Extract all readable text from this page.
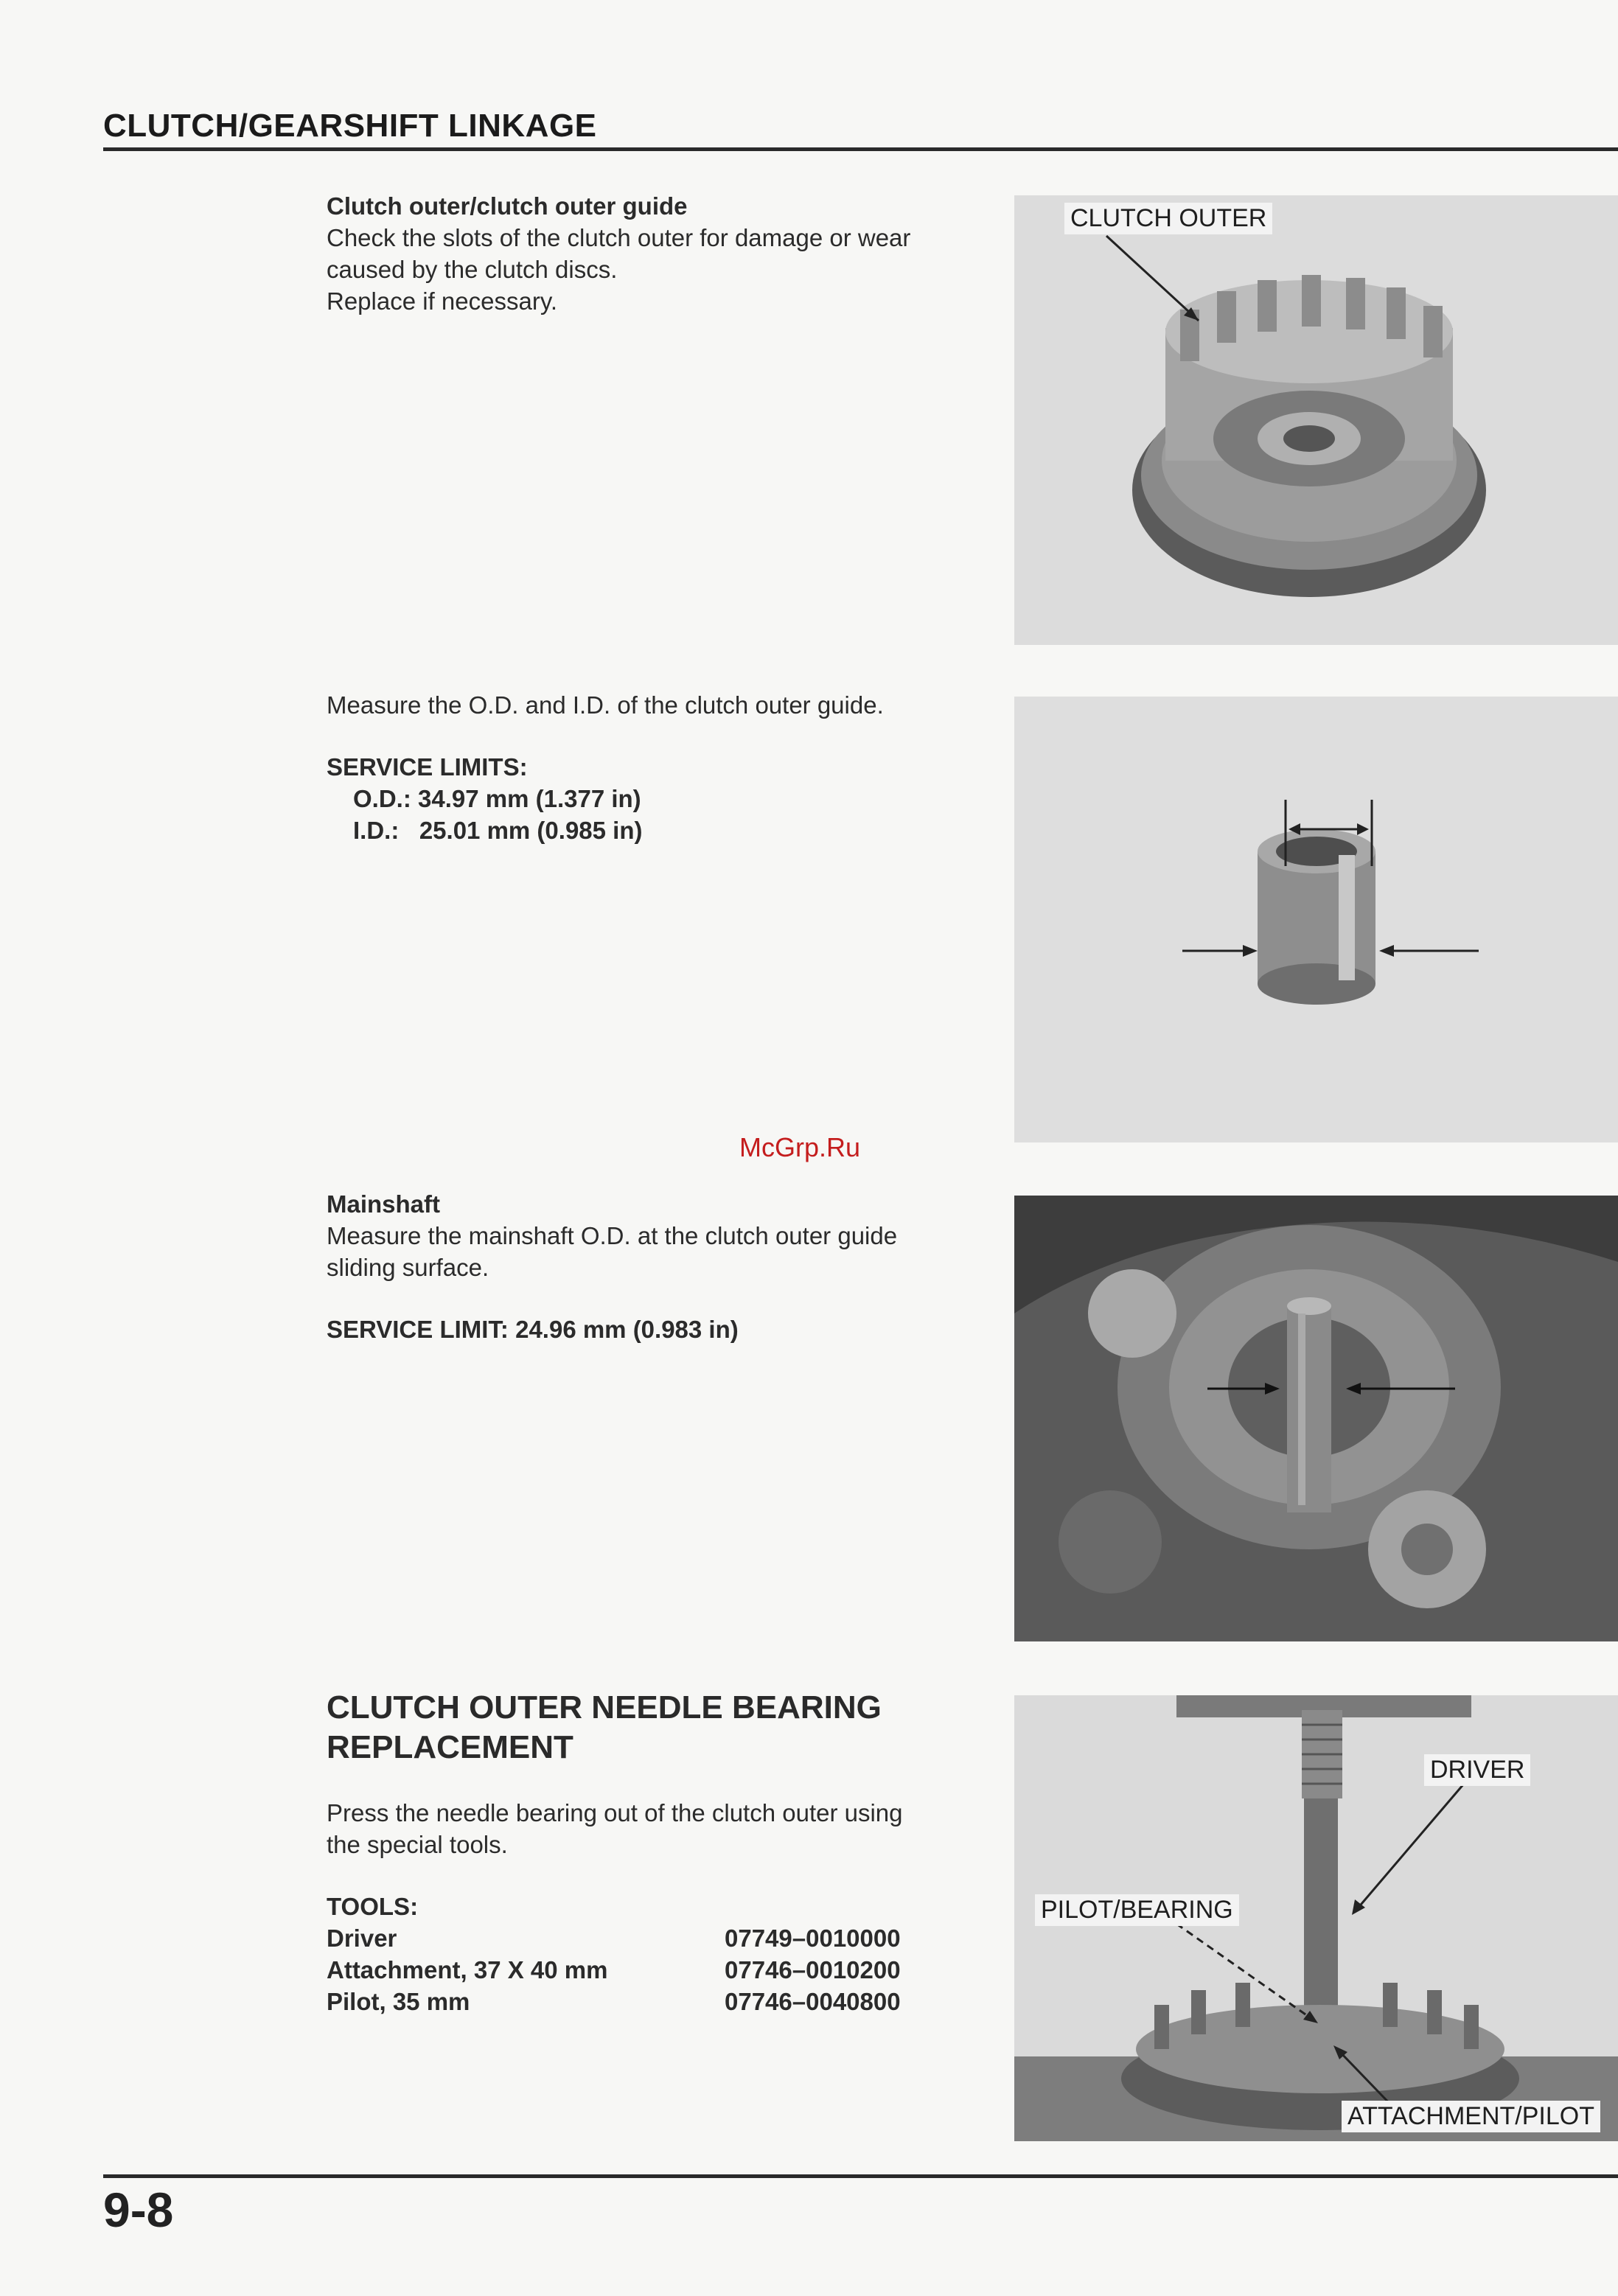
CLUTCH/GEARSHIFT LINKAGE
Clutch outer/clutch outer guide
Check the slots of the clutch outer for damage or wear
caused by the clutch discs.
Replace if necessary.
CLUTCH OUTER
Measure the O.D. and I.D. of the clutch outer guide.
SERVICE LIMITS:
O.D.: 34.97 mm (1.377 in)
I.D.:   25.01 mm (0.985 in)
McGrp.Ru
Mainshaft
Measure the mainshaft O.D. at the clutch outer guide
sliding surface.
SERVICE LIMIT: 24.96 mm (0.983 in)
CLUTCH OUTER NEEDLE BEARING
REPLACEMENT
Press the needle bearing out of the clutch outer using
the special tools.
TOOLS:
Driver	07749–0010000
Attachment, 37 X 40 mm	07746–0010200
Pilot, 35 mm	07746–0040800
DRIVER
PILOT/BEARING
ATTACHMENT/PILOT
9-8
